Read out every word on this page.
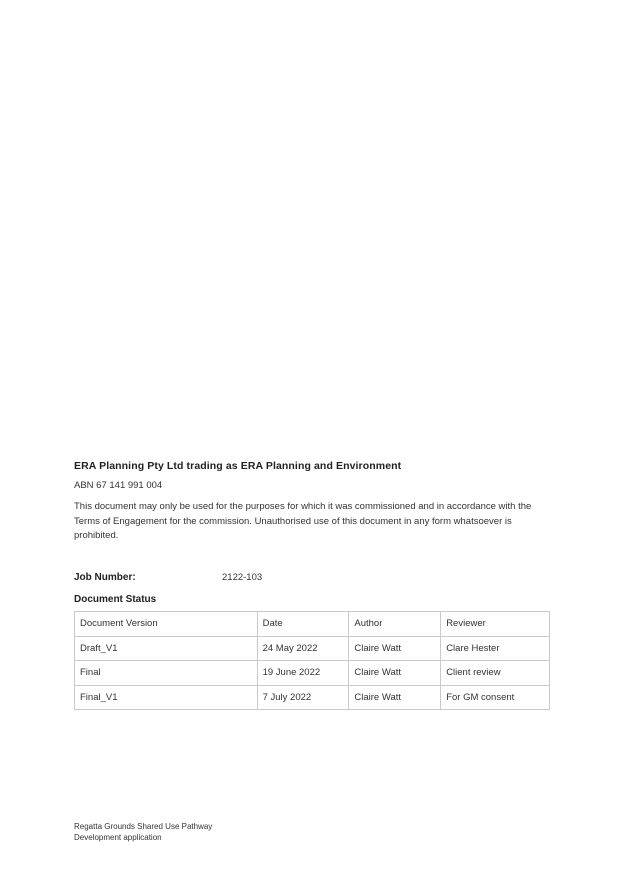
ERA Planning Pty Ltd trading as ERA Planning and Environment
ABN 67 141 991 004
This document may only be used for the purposes for which it was commissioned and in accordance with the Terms of Engagement for the commission. Unauthorised use of this document in any form whatsoever is prohibited.
Job Number:	2122-103
Document Status
Document Version	Date	Author	Reviewer
Draft_V1	24 May 2022	Claire Watt	Clare Hester
Final	19 June 2022	Claire Watt	Client review
Final_V1	7 July 2022	Claire Watt	For GM consent
Regatta Grounds Shared Use Pathway
Development application
